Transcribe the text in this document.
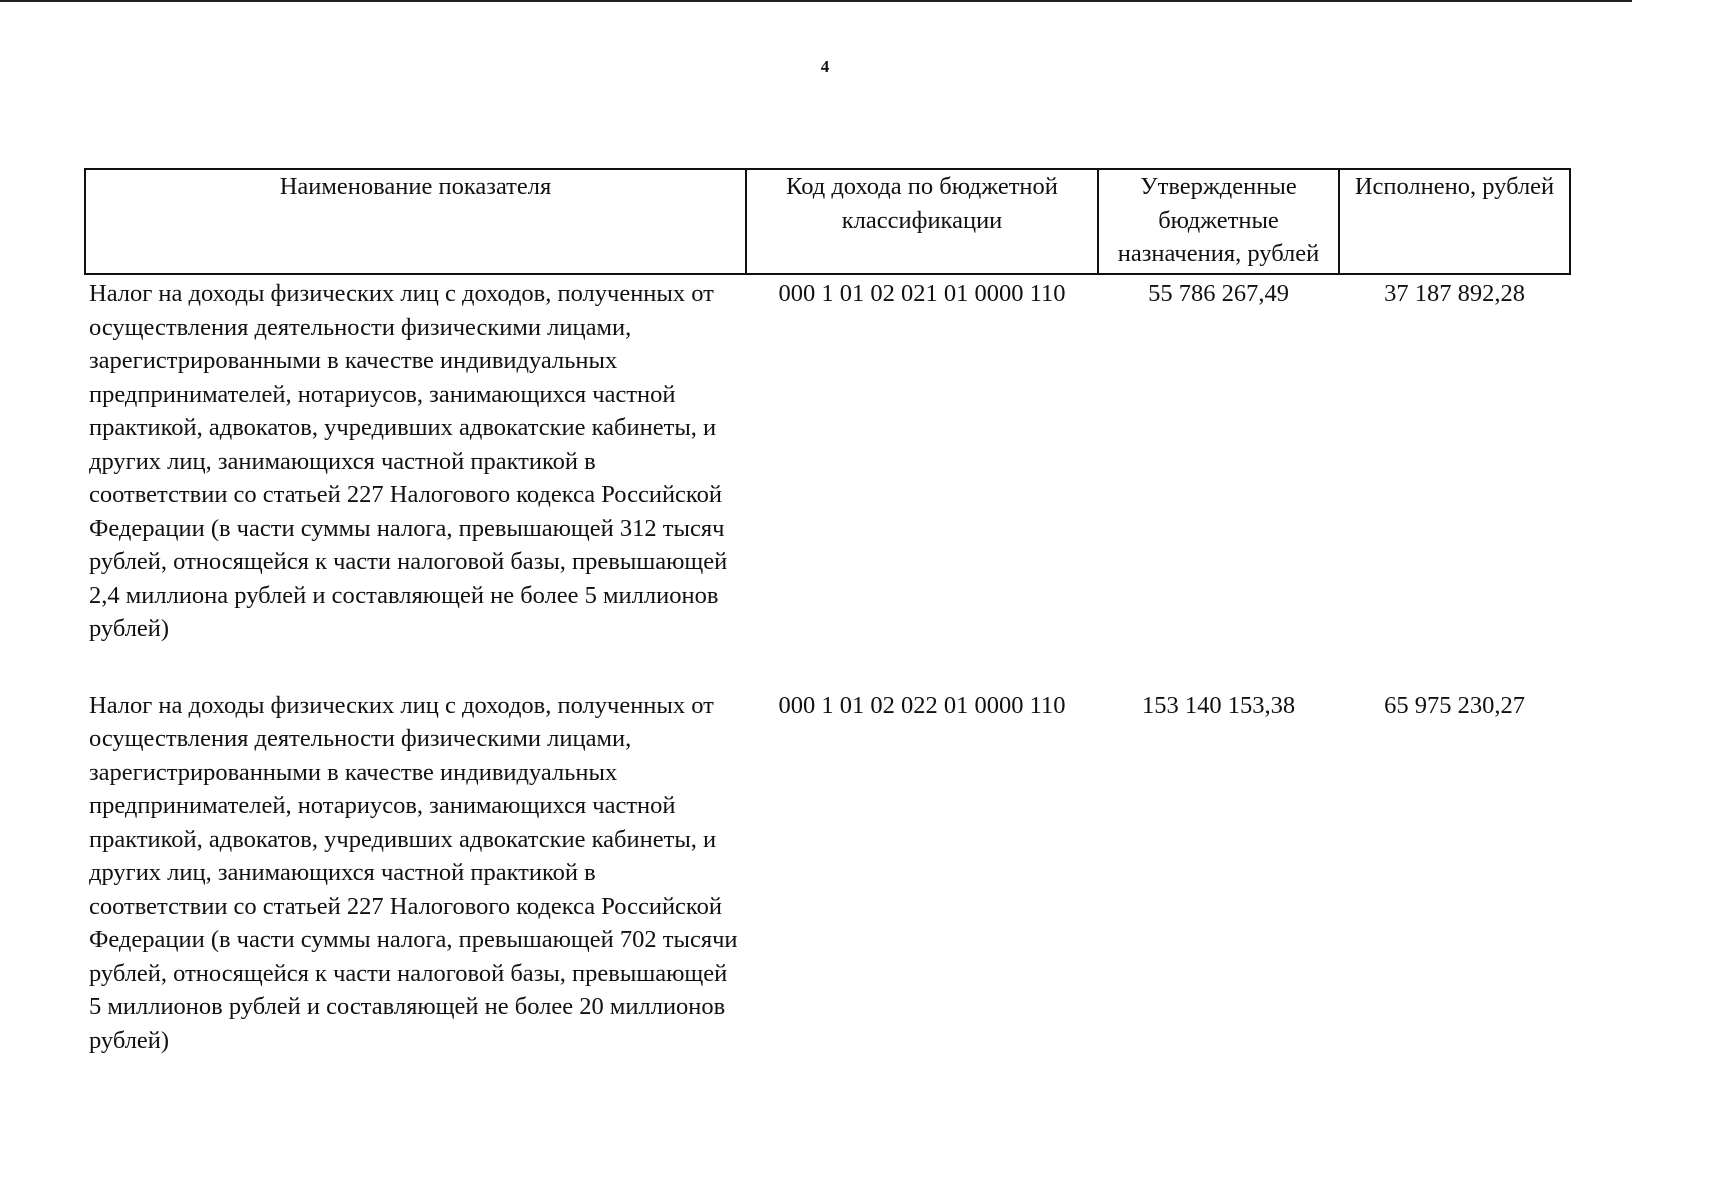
4
Наименование показателя	Код дохода по бюджетной классификации	Утвержденные бюджетные назначения, рублей	Исполнено, рублей
Налог на доходы физических лиц с доходов, полученных от осуществления деятельности физическими лицами, зарегистрированными в качестве индивидуальных предпринимателей, нотариусов, занимающихся частной практикой, адвокатов, учредивших адвокатские кабинеты, и других лиц, занимающихся частной практикой в соответствии со статьей 227 Налогового кодекса Российской Федерации (в части суммы налога, превышающей 312 тысяч рублей, относящейся к части налоговой базы, превышающей 2,4 миллиона рублей и составляющей не более 5 миллионов рублей)	000 1 01 02 021 01 0000 110	55 786 267,49	37 187 892,28
Налог на доходы физических лиц с доходов, полученных от осуществления деятельности физическими лицами, зарегистрированными в качестве индивидуальных предпринимателей, нотариусов, занимающихся частной практикой, адвокатов, учредивших адвокатские кабинеты, и других лиц, занимающихся частной практикой в соответствии со статьей 227 Налогового кодекса Российской Федерации (в части суммы налога, превышающей 702 тысячи рублей, относящейся к части налоговой базы, превышающей 5 миллионов рублей и составляющей не более 20 миллионов рублей)	000 1 01 02 022 01 0000 110	153 140 153,38	65 975 230,27
